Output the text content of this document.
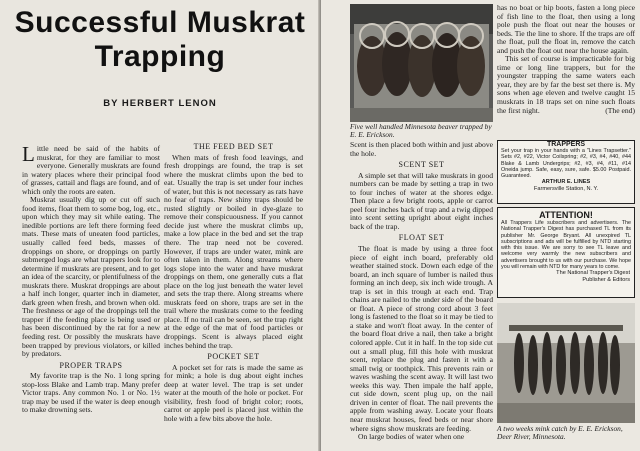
Successful Muskrat
Trapping
BY HERBERT LENON

Little need be said of the habits of muskrat, for they are familiar to most everyone. Generally muskrats are found in watery places where their principal food of grasses, cattail and flags are found, and of which only the roots are eaten.

Muskrat usually dig up or cut off such food items, float them to some bog, log, etc., upon which they may sit while eating. The inedible portions are left there forming feed mats. These mats of uneaten food particles, usually called feed beds, masses of droppings on shore, or droppings on partly submerged logs are what trappers look for to determine if muskrats are present, and to get an idea of the scarcity, or plentifulness of the muskrats there. Muskrat droppings are about a half inch longer, quarter inch in diameter, dark green when fresh, and brown when old. The freshness or age of the droppings tell the trapper if the feeding place is being used or has been discontinued by the rat for a new feeding rest. Or possibly the muskrats have been trapped by previous violators, or killed by predators.

PROPER TRAPS

My favorite trap is the No. 1 long spring stop-loss Blake and Lamb trap. Many prefer Victor traps. Any common No. 1 or No. 1½ trap may be used if the water is deep enough to make drowning sets.

THE FEED BED SET

When mats of fresh food leavings, and fresh droppings are found, the trap is set where the muskrat climbs upon the bed to eat. Usually the trap is set under four inches of water, but this is not necessary as rats have no fear of traps. New shiny traps should be rusted slightly or boiled in dye-glaze to remove their conspicuousness. If you cannot decide just where the muskrat climbs up, make a low place in the bed and set the trap there. The trap need not be covered. However, if traps are under water, mink are often taken in them. Along streams where logs slope into the water and have muskrat droppings on them, one generally cuts a flat place on the log just beneath the water level and sets the trap there. Along streams where muskrats feed on shore, traps are set in the trail where the muskrats come to the feeding place. If no trail can be seen, set the trap right at the edge of the mat of food particles or droppings. Scent is always placed eight inches behind the trap.

POCKET SET

A pocket set for rats is made the same as for mink; a hole is dug about eight inches deep at water level. The trap is set under water at the mouth of the hole or pocket. For visibility, fresh food of bright color; roots, carrot or apple peel is placed just within the hole with a few bits above the hole.

Five well handled Minnesota beaver trapped by E. E. Erickson.

Scent is then placed both within and just above the hole.

SCENT SET

A simple set that will take muskrats in good numbers can be made by setting a trap in two to four inches of water at the shores edge. Then place a few bright roots, apple or carrot peel four inches back of trap and a twig dipped into scent setting upright about eight inches back of the trap.

FLOAT SET

The float is made by using a three foot piece of eight inch board, preferably old weather stained stock. Down each edge of the board, an inch square of lumber is nailed thus forming an inch deep, six inch wide trough. A trap is set in this trough at each end. Trap chains are nailed to the under side of the board or float. A piece of strong cord about 3 feet long is fastened to the float so it may be tied to a stake and won't float away. In the center of the board float drive a nail, then take a bright colored apple. Cut it in half. In the top side cut out a small plug, fill this hole with muskrat scent, replace the plug and fasten it with a small twig or toothpick. This prevents rain or waves washing the scent away. It will last two weeks this way. Then impale the half apple, cut side down, scent plug up, on the nail driven in center of float. The nail prevents the apple from washing away. Locate your floats near muskrat houses, feed beds or near shore where signs show muskrats are feeding.

On large bodies of water when one

has no boat or hip boots, fasten a long piece of fish line to the float, then using a long pole push the float out near the houses or beds. Tie the line to shore. If the traps are off the float, pull the float in, remove the catch and push the float out near the house again.

This set of course is impracticable for big time or long line trappers, but for the youngster trapping the same waters each year, they are by far the best set there is. My sons when age eleven and twelve caught 15 muskrats in 18 traps set on nine such floats the first night.	(The end)

TRAPPERS
Set your trap in your hands with a "Lines Trapsetter." Sets #2, #22, Victor Coilspring; #2, #3, #4, #40, #44 Blake & Lamb Undergrips; #2, #3, #4, #11, #14 Oneida jump. Safe, easy, sure, safe. $5.00 Postpaid. Guaranteed.
ARTHUR E. LINES
Farmersville Station, N. Y.
ATTENTION!
All Trappers Life subscribers and advertisers. The National Trapper's Digest has purchased TL from its publisher Mr. George Bryant. All unexpired TL subscriptions and ads will be fulfilled by NTD starting with this issue. We are sorry to see TL leave and welcome very warmly the new subscribers and advertisers brought to us with our purchase. We hope you will remain with NTD for many years to come.
The National Trapper's Digest
Publisher & Editors
A two weeks mink catch by E. E. Erickson, Deer River, Minnesota.
